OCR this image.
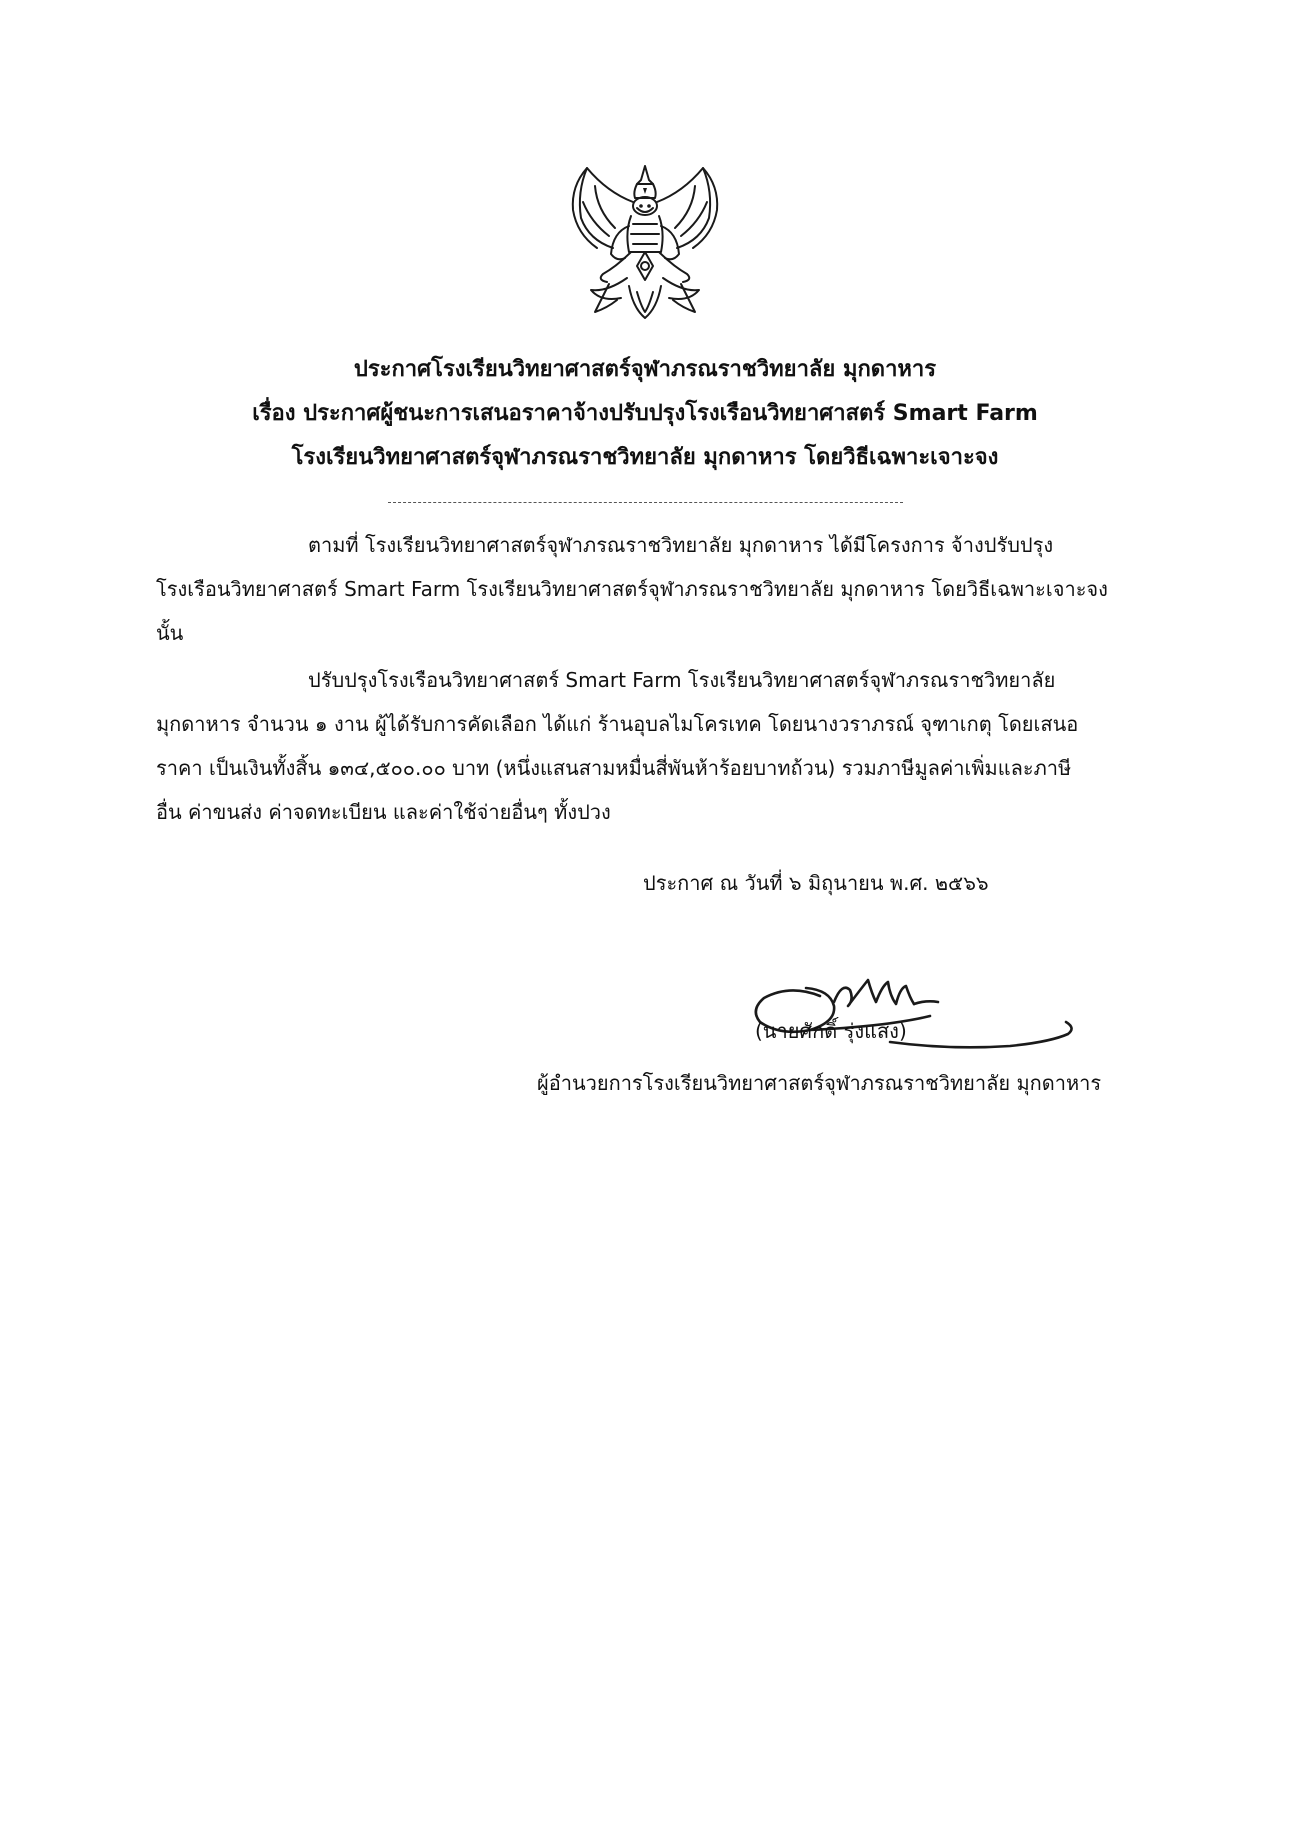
ประกาศโรงเรียนวิทยาศาสตร์จุฬาภรณราชวิทยาลัย มุกดาหาร
เรื่อง ประกาศผู้ชนะการเสนอราคาจ้างปรับปรุงโรงเรือนวิทยาศาสตร์ Smart Farm
โรงเรียนวิทยาศาสตร์จุฬาภรณราชวิทยาลัย มุกดาหาร โดยวิธีเฉพาะเจาะจง
ตามที่ โรงเรียนวิทยาศาสตร์จุฬาภรณราชวิทยาลัย มุกดาหาร ได้มีโครงการ จ้างปรับปรุง
โรงเรือนวิทยาศาสตร์ Smart Farm โรงเรียนวิทยาศาสตร์จุฬาภรณราชวิทยาลัย มุกดาหาร โดยวิธีเฉพาะเจาะจง
นั้น
ปรับปรุงโรงเรือนวิทยาศาสตร์ Smart Farm โรงเรียนวิทยาศาสตร์จุฬาภรณราชวิทยาลัย
มุกดาหาร จำนวน ๑ งาน ผู้ได้รับการคัดเลือก ได้แก่ ร้านอุบลไมโครเทค โดยนางวราภรณ์ จุฑาเกตุ โดยเสนอ
ราคา เป็นเงินทั้งสิ้น ๑๓๔,๕๐๐.๐๐ บาท (หนึ่งแสนสามหมื่นสี่พันห้าร้อยบาทถ้วน) รวมภาษีมูลค่าเพิ่มและภาษี
อื่น ค่าขนส่ง ค่าจดทะเบียน และค่าใช้จ่ายอื่นๆ ทั้งปวง
ประกาศ ณ วันที่ ๖ มิถุนายน พ.ศ. ๒๕๖๖
(นายศักดิ์ รุ่งแสง)
ผู้อำนวยการโรงเรียนวิทยาศาสตร์จุฬาภรณราชวิทยาลัย มุกดาหาร
